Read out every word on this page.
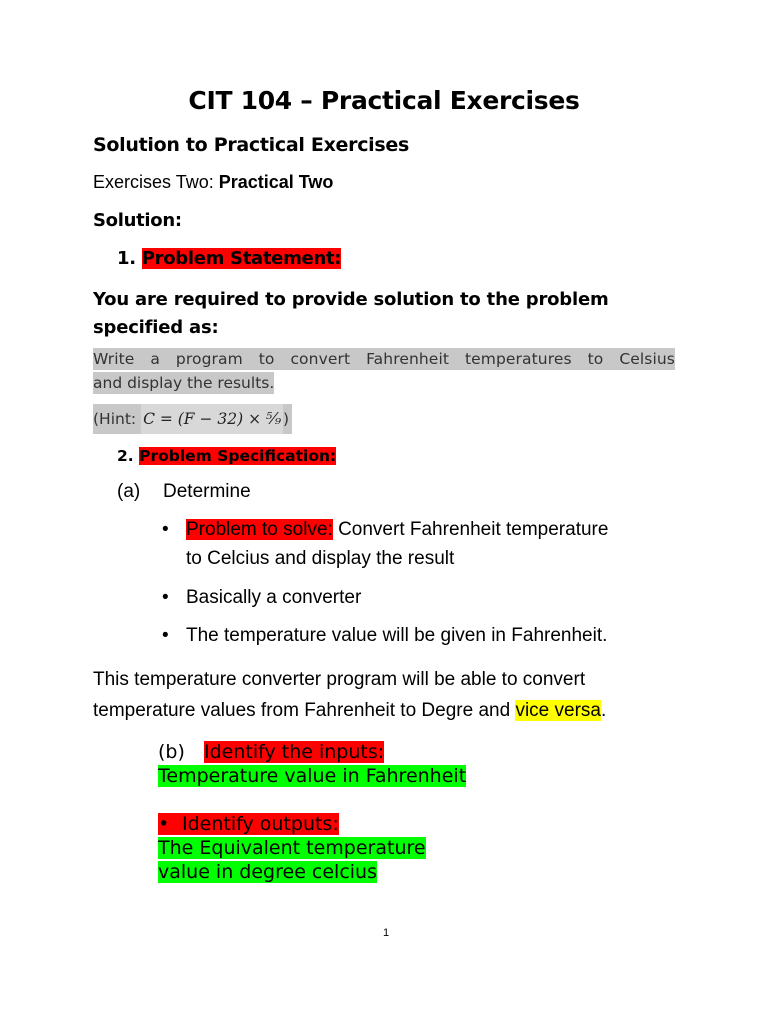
CIT 104 – Practical Exercises
Solution to Practical Exercises
Exercises Two: Practical Two
Solution:
1. Problem Statement:
You are required to provide solution to the problem
specified as:
Write a program to convert Fahrenheit temperatures to Celsius
and display the results.
(Hint: C = (F − 32) × ⁵⁄₉ )
2. Problem Specification:
(a) Determine
• Problem to solve: Convert Fahrenheit temperature
to Celcius and display the result
• Basically a converter
• The temperature value will be given in Fahrenheit.
This temperature converter program will be able to convert
temperature values from Fahrenheit to Degre and vice versa.
(b) Identify the inputs:
Temperature value in Fahrenheit
• Identify outputs:
The Equivalent temperature
value in degree celcius
1
